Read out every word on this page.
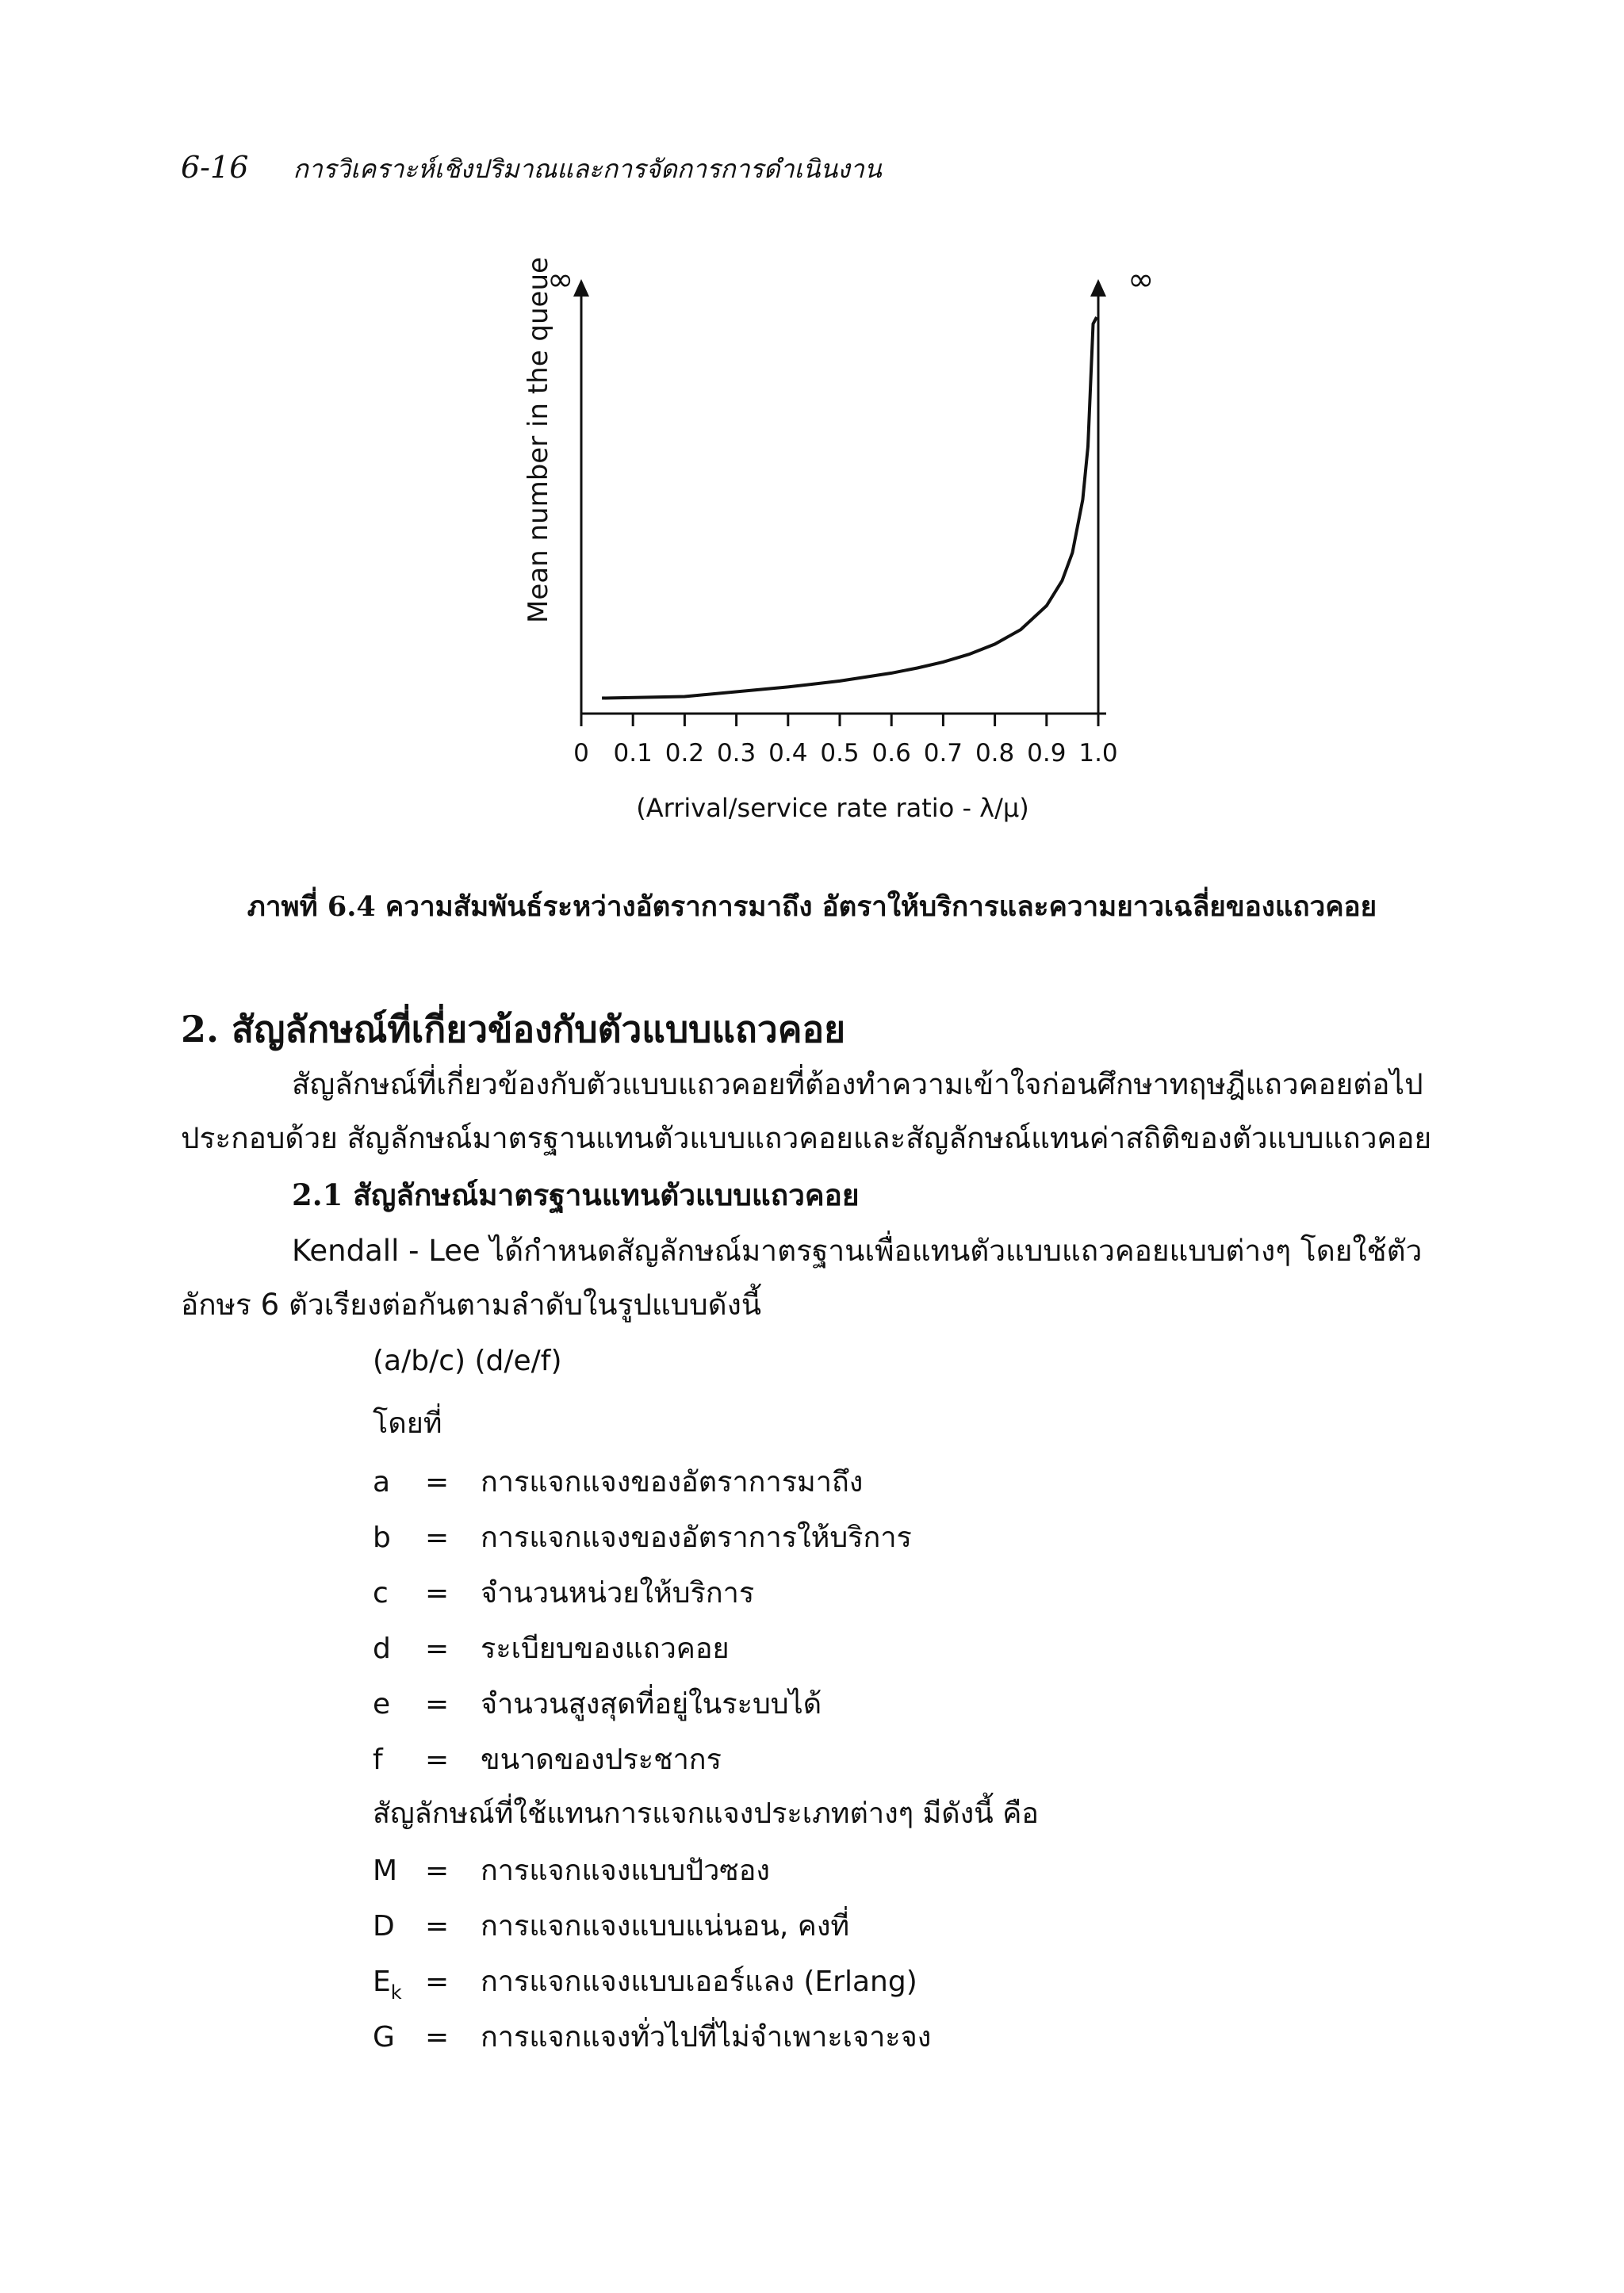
6-16 การวิเคราะห์เชิงปริมาณและการจัดการการดำเนินงาน
0 0.1 0.2 0.3 0.4 0.5 0.6 0.7 0.8 0.9 1.0
Mean number in the queue
(Arrival/service rate ratio - λ/μ)
∞	∞
ภาพที่ 6.4 ความสัมพันธ์ระหว่างอัตราการมาถึง อัตราให้บริการและความยาวเฉลี่ยของแถวคอย
2. สัญลักษณ์ที่เกี่ยวข้องกับตัวแบบแถวคอย
สัญลักษณ์ที่เกี่ยวข้องกับตัวแบบแถวคอยที่ต้องทำความเข้าใจก่อนศึกษาทฤษฎีแถวคอยต่อไป
ประกอบด้วย สัญลักษณ์มาตรฐานแทนตัวแบบแถวคอยและสัญลักษณ์แทนค่าสถิติของตัวแบบแถวคอย
2.1 สัญลักษณ์มาตรฐานแทนตัวแบบแถวคอย
Kendall - Lee ได้กำหนดสัญลักษณ์มาตรฐานเพื่อแทนตัวแบบแถวคอยแบบต่างๆ โดยใช้ตัว
อักษร 6 ตัวเรียงต่อกันตามลำดับในรูปแบบดังนี้
(a/b/c) (d/e/f)
โดยที่
a = การแจกแจงของอัตราการมาถึง
b = การแจกแจงของอัตราการให้บริการ
c = จำนวนหน่วยให้บริการ
d = ระเบียบของแถวคอย
e = จำนวนสูงสุดที่อยู่ในระบบได้
f = ขนาดของประชากร
สัญลักษณ์ที่ใช้แทนการแจกแจงประเภทต่างๆ มีดังนี้ คือ
M = การแจกแจงแบบปัวซอง
D = การแจกแจงแบบแน่นอน, คงที่
$E_k$ = การแจกแจงแบบเออร์แลง (Erlang)
G = การแจกแจงทั่วไปที่ไม่จำเพาะเจาะจง
